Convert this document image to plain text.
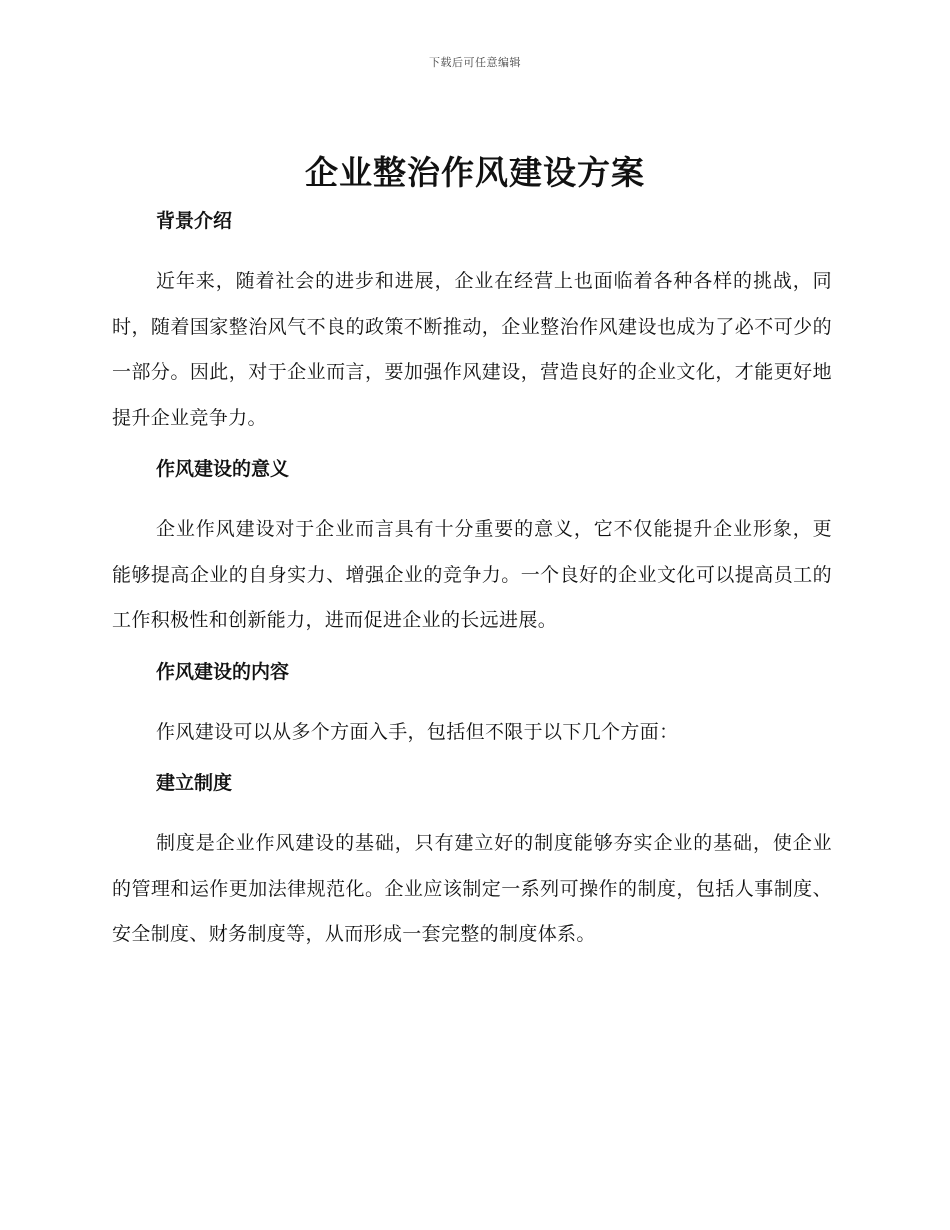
下载后可任意编辑
企业整治作风建设方案
背景介绍

近年来，随着社会的进步和进展，企业在经营上也面临着各种各样的挑战，同时，随着国家整治风气不良的政策不断推动，企业整治作风建设也成为了必不可少的一部分。因此，对于企业而言，要加强作风建设，营造良好的企业文化，才能更好地提升企业竞争力。

作风建设的意义

企业作风建设对于企业而言具有十分重要的意义，它不仅能提升企业形象，更能够提高企业的自身实力、增强企业的竞争力。一个良好的企业文化可以提高员工的工作积极性和创新能力，进而促进企业的长远进展。

作风建设的内容

作风建设可以从多个方面入手，包括但不限于以下几个方面：

建立制度

制度是企业作风建设的基础，只有建立好的制度能够夯实企业的基础，使企业的管理和运作更加法律规范化。企业应该制定一系列可操作的制度，包括人事制度、安全制度、财务制度等，从而形成一套完整的制度体系。
